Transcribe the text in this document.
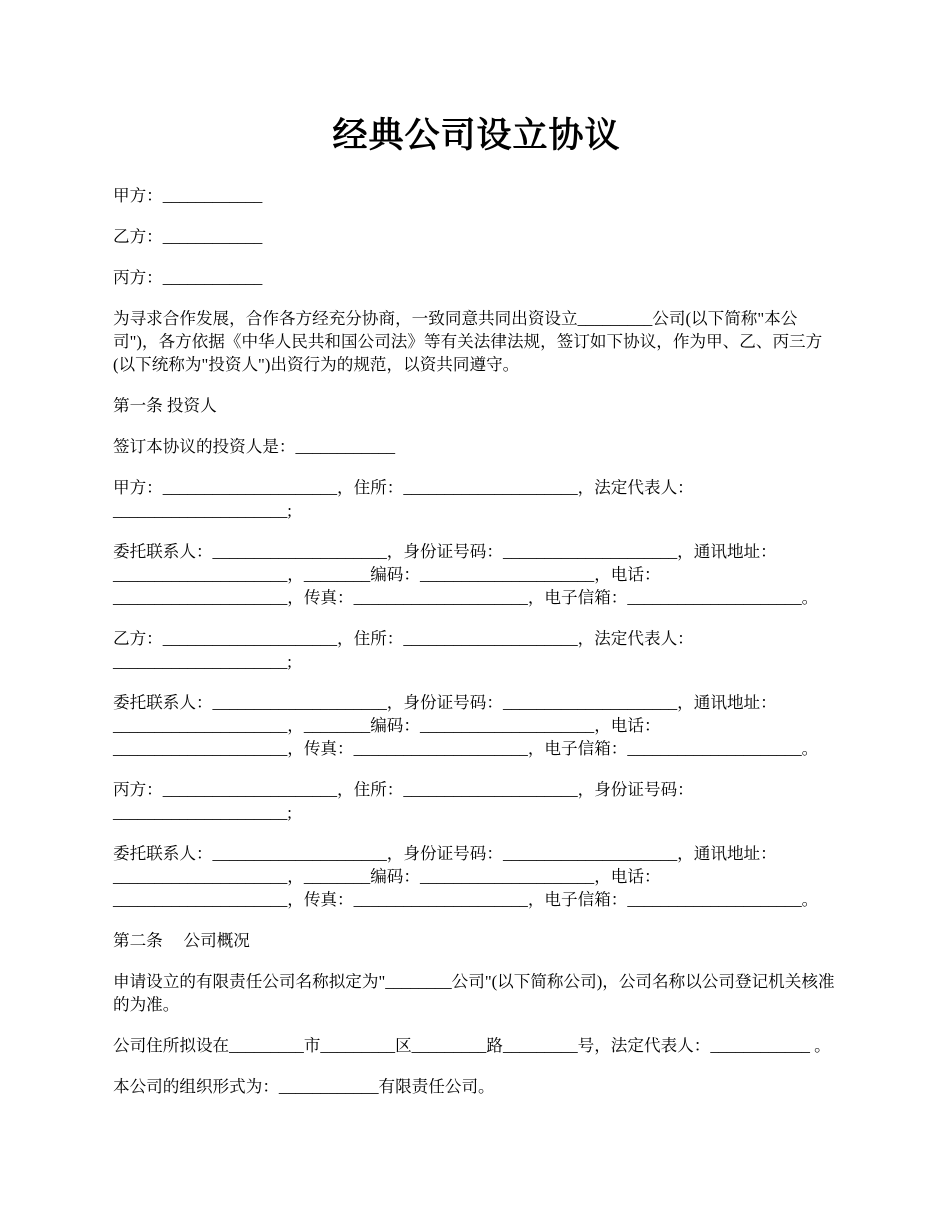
经典公司设立协议

甲方：____________

乙方：____________

丙方：____________

为寻求合作发展，合作各方经充分协商，一致同意共同出资设立_________公司(以下简称"本公司")，各方依据《中华人民共和国公司法》等有关法律法规，签订如下协议，作为甲、乙、丙三方(以下统称为"投资人")出资行为的规范，以资共同遵守。

第一条 投资人

签订本协议的投资人是：____________

甲方：_____________________，住所：_____________________，法定代表人：_____________________;

委托联系人：_____________________，身份证号码：_____________________，通讯地址：_____________________，________编码：_____________________，电话：_____________________，传真：_____________________，电子信箱：_____________________。

乙方：_____________________，住所：_____________________，法定代表人：_____________________;

委托联系人：_____________________，身份证号码：_____________________，通讯地址：_____________________，________编码：_____________________，电话：_____________________，传真：_____________________，电子信箱：_____________________。

丙方：_____________________，住所：_____________________，身份证号码：_____________________;

委托联系人：_____________________，身份证号码：_____________________，通讯地址：_____________________，________编码：_____________________，电话：_____________________，传真：_____________________，电子信箱：_____________________。

第二条　 公司概况

申请设立的有限责任公司名称拟定为"________公司"(以下简称公司)，公司名称以公司登记机关核准的为准。

公司住所拟设在_________市_________区_________路_________号，法定代表人：____________ 。

本公司的组织形式为：____________有限责任公司。
